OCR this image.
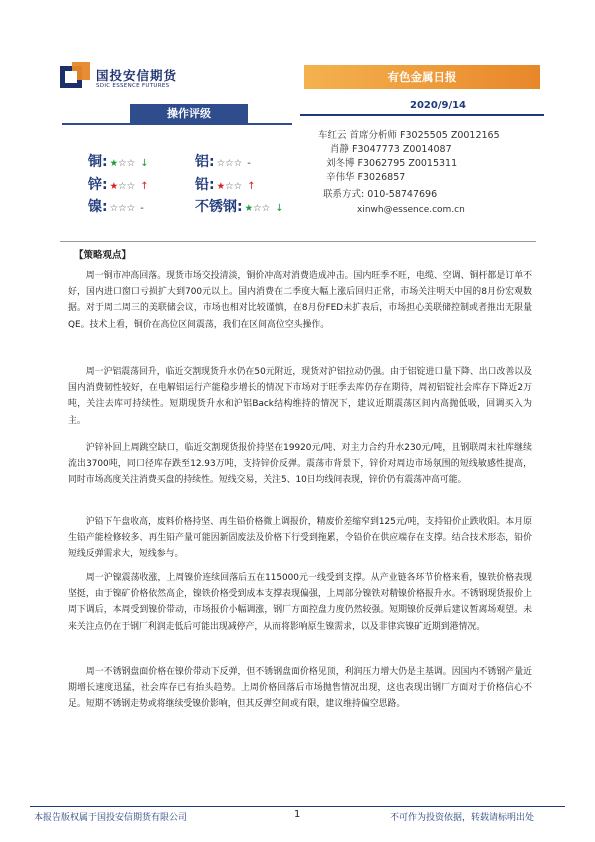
国投安信期货
SDIC ESSENCE FUTURES
有色金属日报
2020/9/14
操作评级
铜: ★☆☆ ↓	铝: ☆☆☆ -
锌: ★☆☆ ↑	铅: ★☆☆ ↑
镍: ☆☆☆ -	不锈钢: ★☆☆ ↓
车红云 首席分析师 F3025505 Z0012165
肖静 F3047773 Z0014087
刘冬博 F3062795 Z0015311
辛伟华 F3026857
联系方式: 010-58747696
xinwh@essence.com.cn
【策略观点】

周一铜市冲高回落。现货市场交投清淡，铜价冲高对消费造成冲击。国内旺季不旺，电缆、空调、铜杆都是订单不好，国内进口窗口亏损扩大到700元以上。国内消费在二季度大幅上涨后回归正常，市场关注明天中国的8月份宏观数据。对于周二周三的美联储会议，市场也相对比较谨慎，在8月份FED未扩表后，市场担心美联储控制或者推出无限量QE。技术上看，铜价在高位区间震荡，我们在区间高位空头操作。

周一沪铝震荡回升，临近交割现货升水仍在50元附近，现货对沪铝拉动仍强。由于铝锭进口量下降、出口改善以及国内消费韧性较好，在电解铝运行产能稳步增长的情况下市场对于旺季去库仍存在期待，周初铝锭社会库存下降近2万吨，关注去库可持续性。短期现货升水和沪铝Back结构维持的情况下，建议近期震荡区间内高抛低吸，回调买入为主。

沪锌补回上周跳空缺口，临近交割现货报价持坚在19920元/吨、对主力合约升水230元/吨，且钢联周末社库继续流出3700吨，同口径库存跌至12.93万吨，支持锌价反弹。震荡市背景下，锌价对周边市场氛围的短线敏感性提高，同时市场高度关注消费买盘的持续性。短线交易，关注5、10日均线间表现，锌价仍有震荡冲高可能。

沪铅下午盘收高，废料价格持坚、再生铅价格微上调报价，精废价差缩窄到125元/吨，支持铅价止跌收阳。本月原生铅产能检修较多、再生铅产量可能因新固废法及价格下行受到拖累，令铅价在供应端存在支撑。结合技术形态，铅价短线反弹需求大，短线参与。

周一沪镍震荡收涨，上周镍价连续回落后五在115000元一线受到支撑。从产业链各环节价格来看，镍铁价格表现坚挺，由于镍矿价格依然高企，镍铁价格受到成本支撑表现偏强，上周部分镍铁对精镍价格报升水。不锈钢现货报价上周下调后，本周受到镍价带动，市场报价小幅调涨，钢厂方面控盘力度仍然较强。短期镍价反弹后建议暂离场观望。未来关注点仍在于钢厂利润走低后可能出现减停产，从而将影响原生镍需求，以及非律宾镍矿近期到港情况。

周一不锈钢盘面价格在镍价带动下反弹，但不锈钢盘面价格见顶，利润压力增大仍是主基调。因国内不锈钢产量近期增长速度迅猛，社会库存已有抬头趋势。上周价格回落后市场抛售情况出现，这也表现出钢厂方面对于价格信心不足。短期不锈钢走势或将继续受镍价影响，但其反弹空间或有限，建议维持偏空思路。

本报告版权属于国投安信期货有限公司	1	不可作为投资依据，转载请标明出处
